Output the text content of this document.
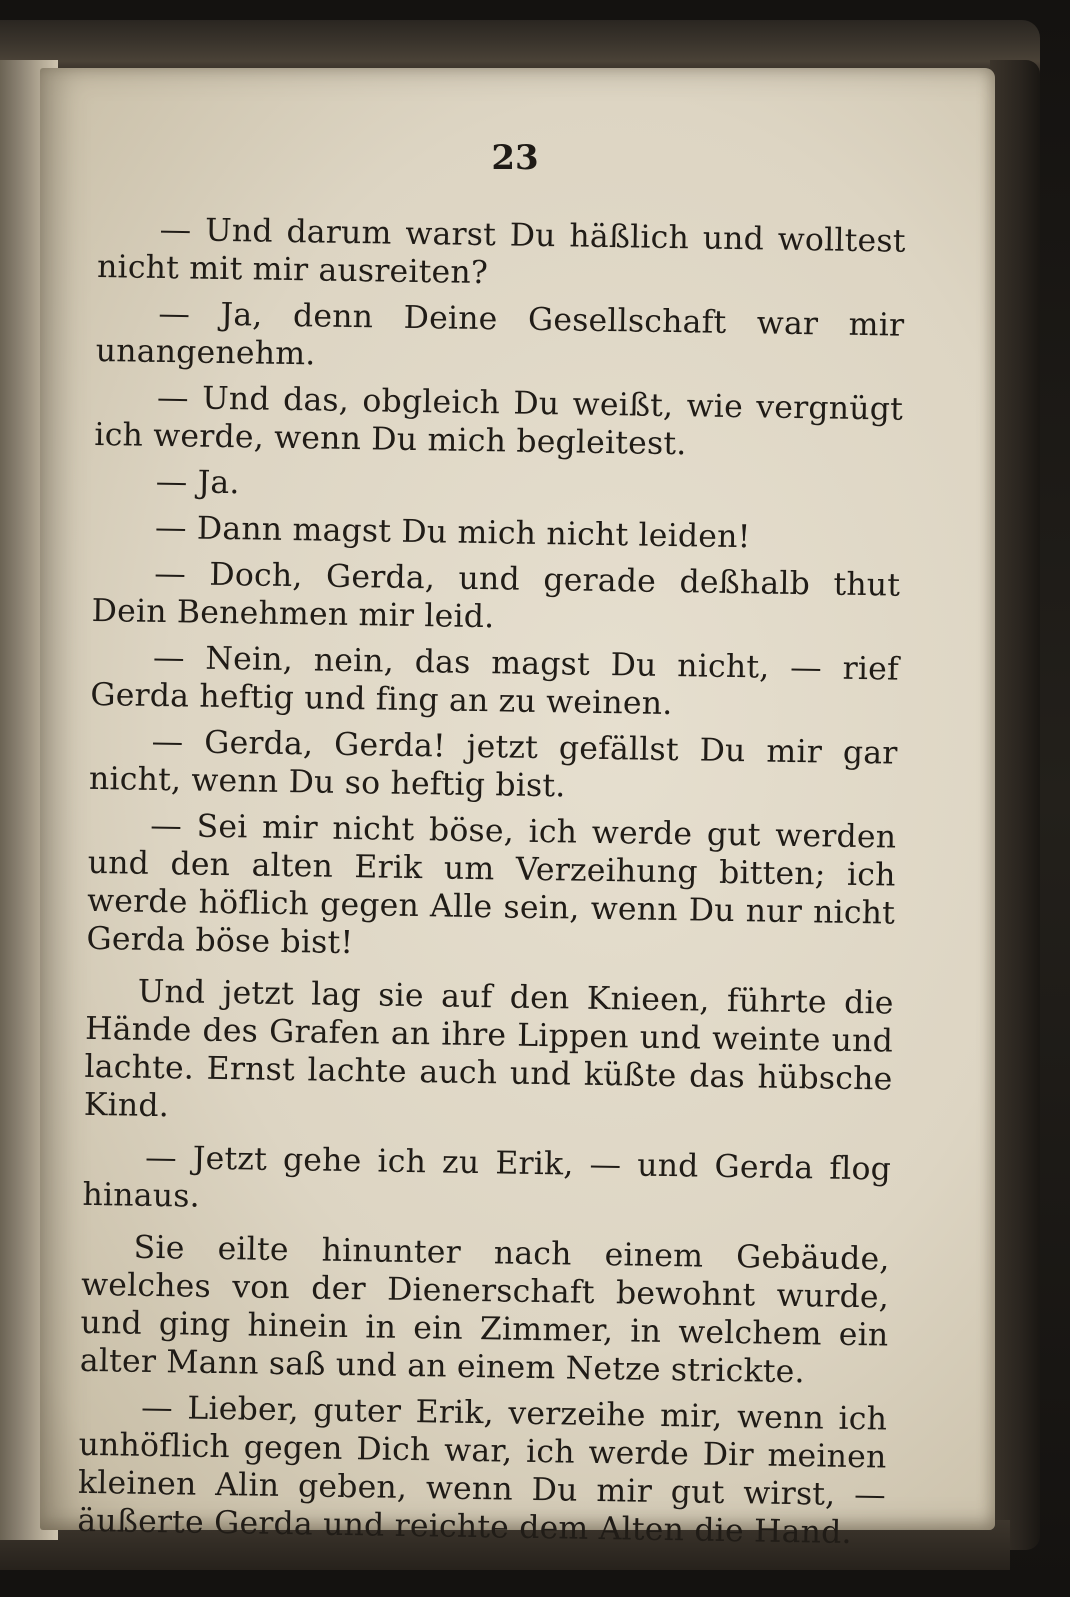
23

— Und darum warst Du häßlich und wolltest nicht mit mir ausreiten?

— Ja, denn Deine Gesellschaft war mir unangenehm.

— Und das, obgleich Du weißt, wie vergnügt ich werde, wenn Du mich begleitest.

— Ja.

— Dann magst Du mich nicht leiden!

— Doch, Gerda, und gerade deßhalb thut Dein Benehmen mir leid.

— Nein, nein, das magst Du nicht, — rief Gerda heftig und fing an zu weinen.

— Gerda, Gerda! jetzt gefällst Du mir gar nicht, wenn Du so heftig bist.

— Sei mir nicht böse, ich werde gut werden und den alten Erik um Verzeihung bitten; ich werde höflich gegen Alle sein, wenn Du nur nicht Gerda böse bist!

Und jetzt lag sie auf den Knieen, führte die Hände des Grafen an ihre Lippen und weinte und lachte. Ernst lachte auch und küßte das hübsche Kind.

— Jetzt gehe ich zu Erik, — und Gerda flog hinaus.

Sie eilte hinunter nach einem Gebäude, welches von der Dienerschaft bewohnt wurde, und ging hinein in ein Zimmer, in welchem ein alter Mann saß und an einem Netze strickte.

— Lieber, guter Erik, verzeihe mir, wenn ich unhöflich gegen Dich war, ich werde Dir meinen kleinen Alin geben, wenn Du mir gut wirst, — äußerte Gerda und reichte dem Alten die Hand.
